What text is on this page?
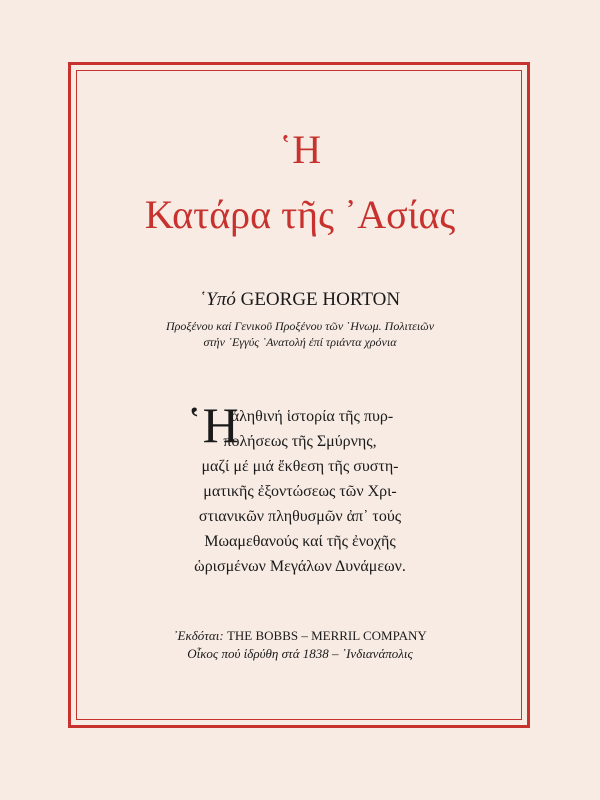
῾Η
Κατάρα τῆς ᾿Ασίας
῾Υπό GEORGE HORTON
Προξένου καί Γενικοῦ Προξένου τῶν ῾Ηνωμ. Πολιτειῶν
στήν ᾿Εγγύς ᾿Ανατολή ἐπί τριάντα χρόνια
῾Η
ἀληθινή ἱστορία τῆς πυρ-
πολήσεως τῆς Σμύρνης,
μαζί μέ μιά ἔκθεση τῆς συστη-
ματικῆς ἐξοντώσεως τῶν Χρι-
στιανικῶν πληθυσμῶν ἀπ᾿ τούς
Μωαμεθανούς καί τῆς ἐνοχῆς
ὡρισμένων Μεγάλων Δυνάμεων.
᾿Εκδόται: THE BOBBS – MERRIL COMPANY
Οἶκος πού ἱδρύθη στά 1838 – ᾿Ινδιανάπολις
